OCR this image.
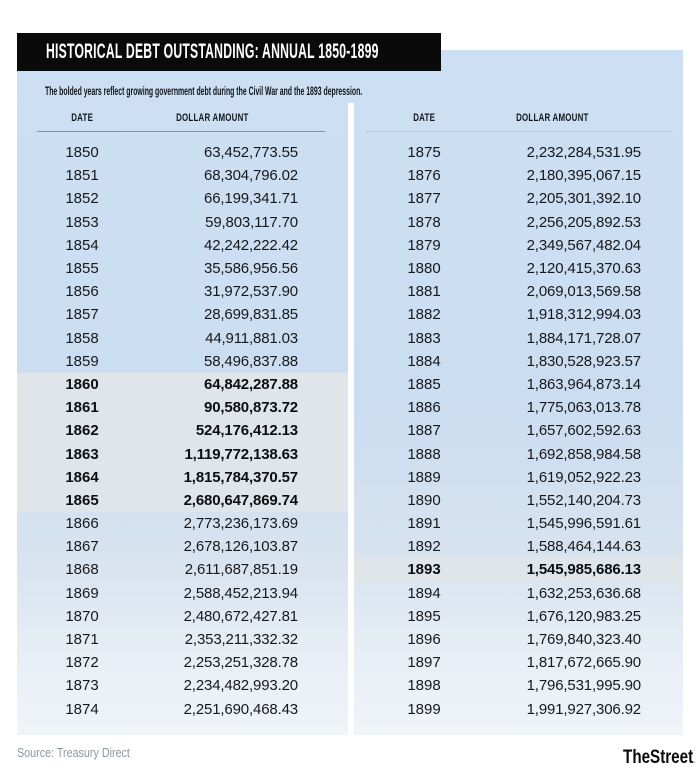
HISTORICAL DEBT OUTSTANDING: ANNUAL 1850-1899
The bolded years reflect growing government debt during the Civil War and the 1893 depression.
DATE	DOLLAR AMOUNT
1850	63,452,773.55
1851	68,304,796.02
1852	66,199,341.71
1853	59,803,117.70
1854	42,242,222.42
1855	35,586,956.56
1856	31,972,537.90
1857	28,699,831.85
1858	44,911,881.03
1859	58,496,837.88
1860	64,842,287.88
1861	90,580,873.72
1862	524,176,412.13
1863	1,119,772,138.63
1864	1,815,784,370.57
1865	2,680,647,869.74
1866	2,773,236,173.69
1867	2,678,126,103.87
1868	2,611,687,851.19
1869	2,588,452,213.94
1870	2,480,672,427.81
1871	2,353,211,332.32
1872	2,253,251,328.78
1873	2,234,482,993.20
1874	2,251,690,468.43
DATE	DOLLAR AMOUNT
1875	2,232,284,531.95
1876	2,180,395,067.15
1877	2,205,301,392.10
1878	2,256,205,892.53
1879	2,349,567,482.04
1880	2,120,415,370.63
1881	2,069,013,569.58
1882	1,918,312,994.03
1883	1,884,171,728.07
1884	1,830,528,923.57
1885	1,863,964,873.14
1886	1,775,063,013.78
1887	1,657,602,592.63
1888	1,692,858,984.58
1889	1,619,052,922.23
1890	1,552,140,204.73
1891	1,545,996,591.61
1892	1,588,464,144.63
1893	1,545,985,686.13
1894	1,632,253,636.68
1895	1,676,120,983.25
1896	1,769,840,323.40
1897	1,817,672,665.90
1898	1,796,531,995.90
1899	1,991,927,306.92
Source: Treasury Direct	TheStreet.
